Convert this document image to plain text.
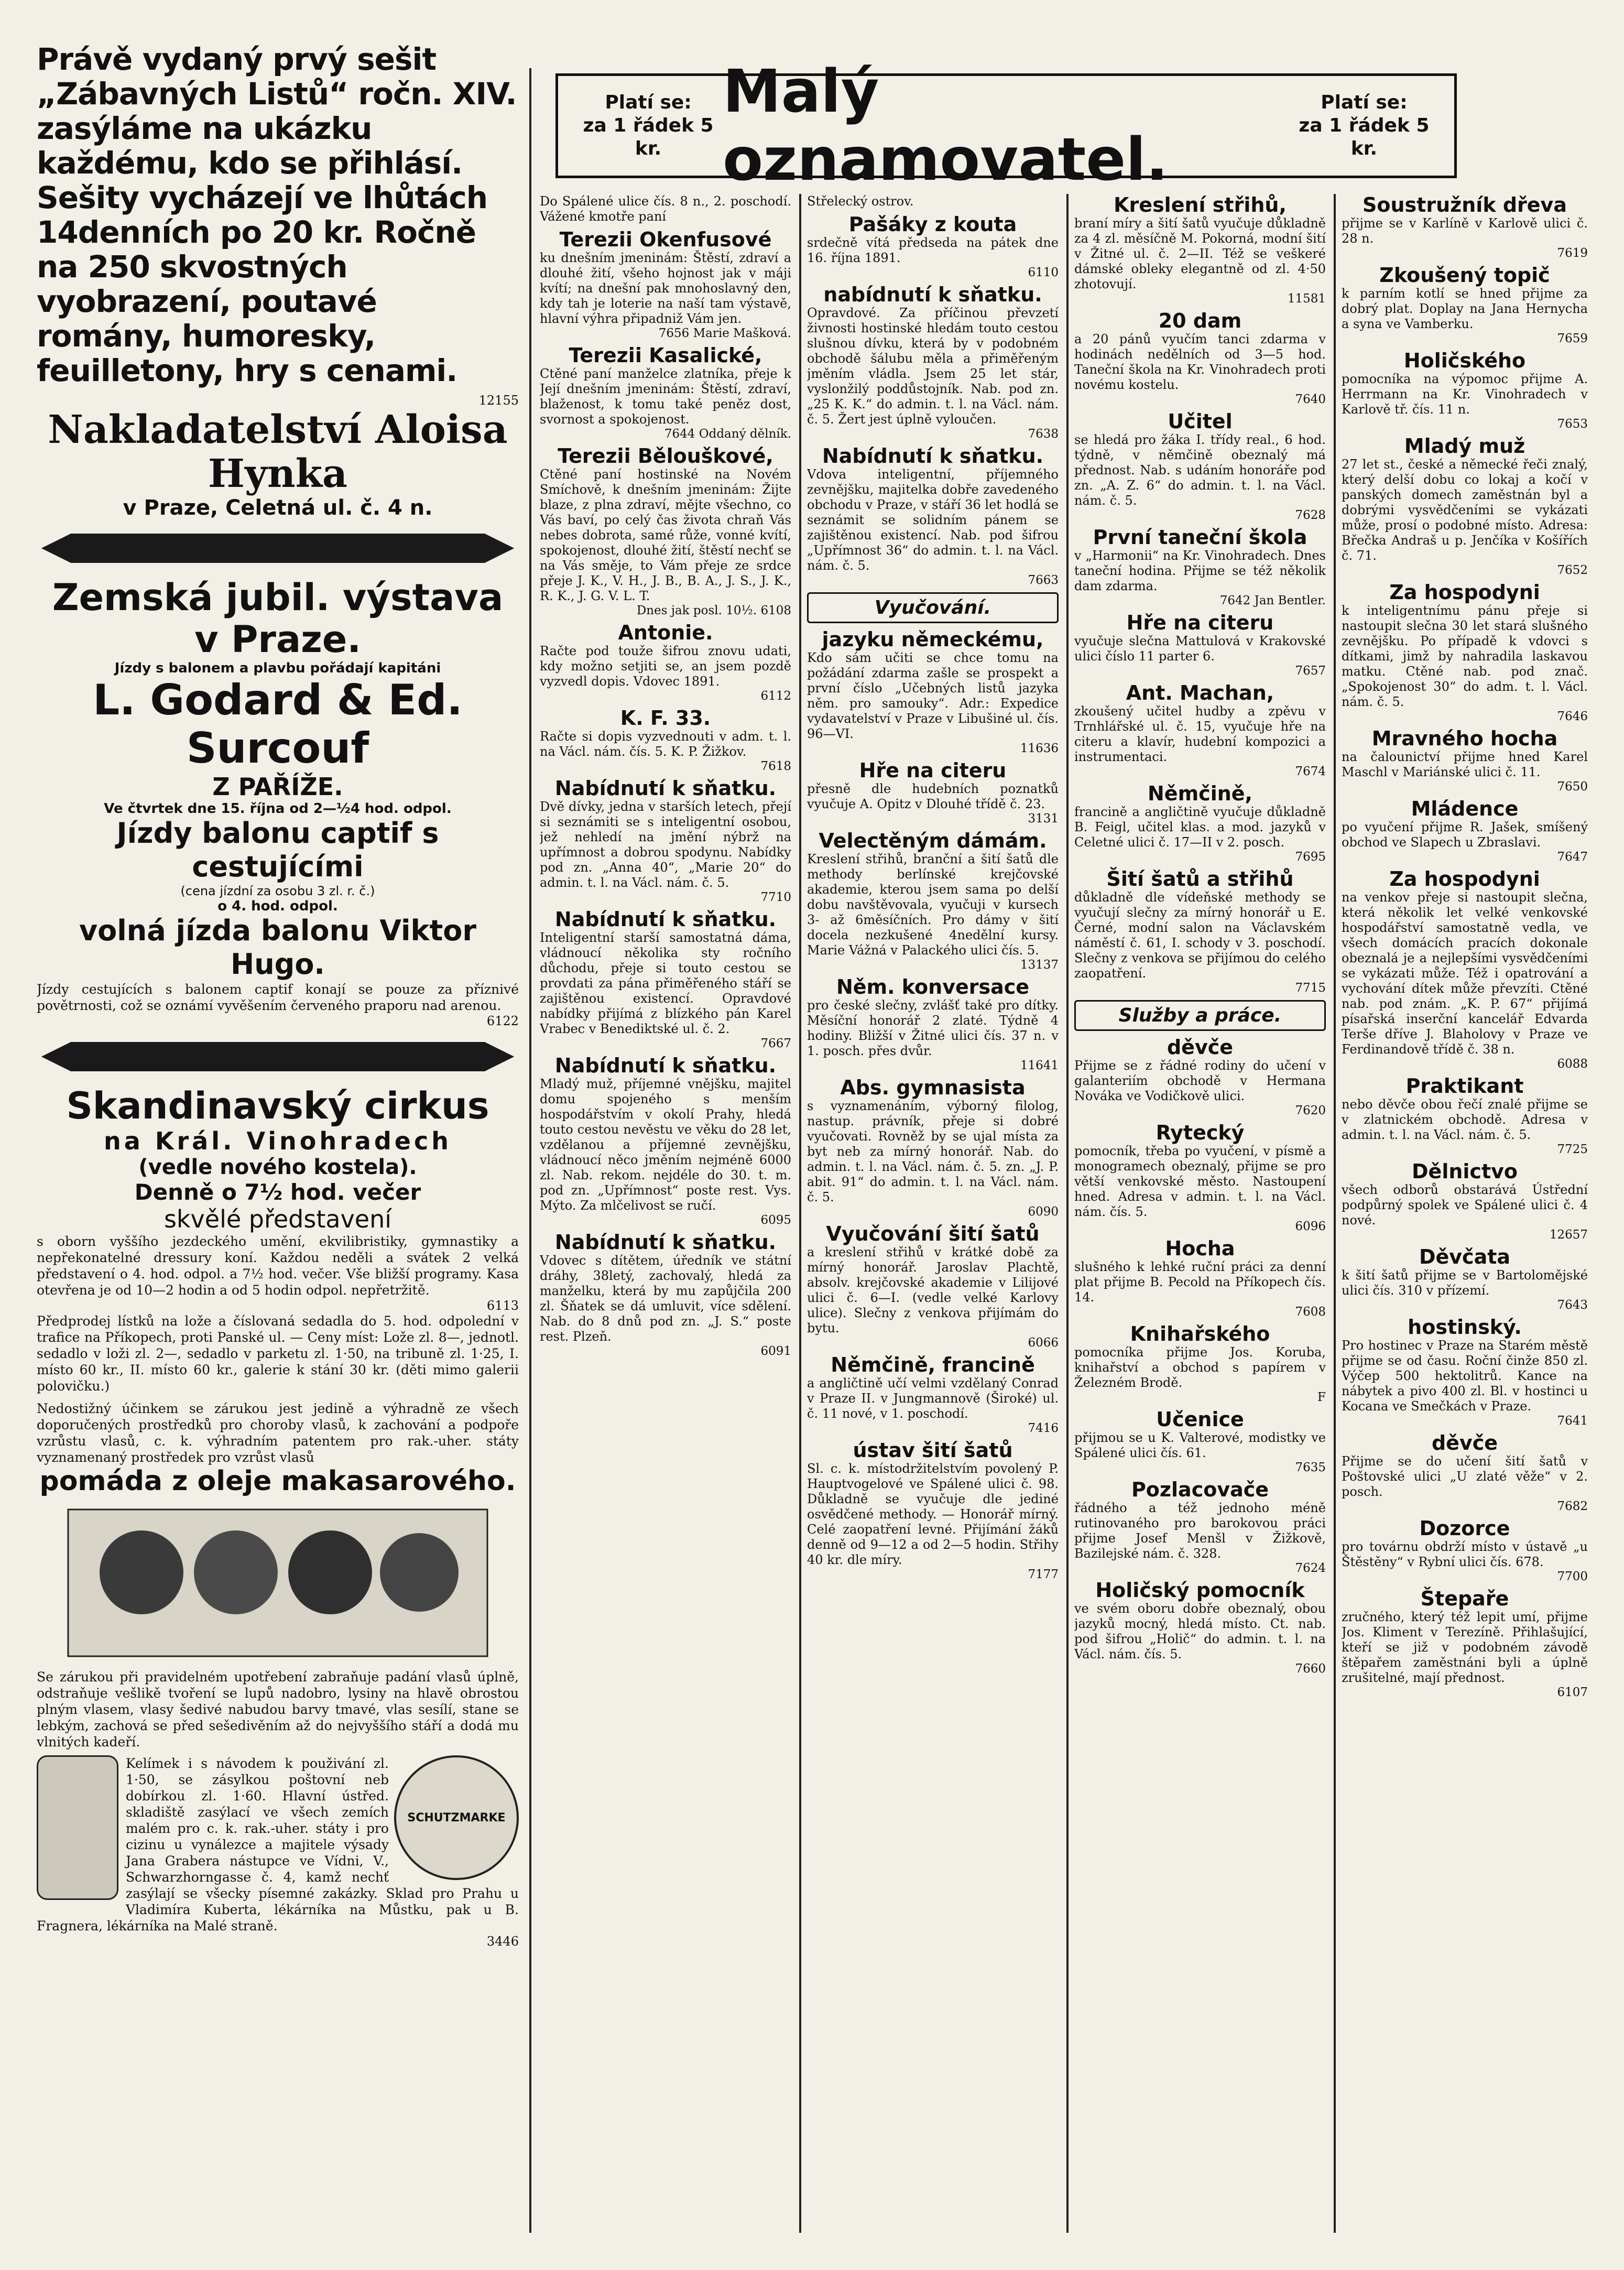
Právě vydaný prvý sešit „Zábavných Listů“ ročn. XIV. zasýláme na ukázku každému, kdo se přihlásí. Sešity vycházejí ve lhůtách 14denních po 20 kr. Ročně na 250 skvostných vyobrazení, poutavé romány, humoresky, feuilletony, hry s cenami.
12155
Nakladatelství Aloisa Hynka
v Praze, Celetná ul. č. 4 n.
Zemská jubil. výstava v Praze.
Jízdy s balonem a plavbu pořádají kapitáni
L. Godard & Ed. Surcouf
Z PAŘÍŽE.
Ve čtvrtek dne 15. října od 2—½4 hod. odpol.
Jízdy balonu captif s cestujícími
(cena jízdní za osobu 3 zl. r. č.)
o 4. hod. odpol.
volná jízda balonu Viktor Hugo.
Jízdy cestujících s balonem captif konají se pouze za příznivé povětrnosti, což se oznámí vyvěšením červeného praporu nad arenou.
6122
Skandinavský cirkus
na Král. Vinohradech
(vedle nového kostela).
Denně o 7½ hod. večer
skvělé představení
s oborn vyššího jezdeckého umění, ekvilibristiky, gymnastiky a nepřekonatelné dressury koní. Každou neděli a svátek 2 velká představení o 4. hod. odpol. a 7½ hod. večer. Vše bližší programy. Kasa otevřena je od 10—2 hodin a od 5 hodin odpol. nepřetržitě.
6113
Předprodej lístků na lože a číslovaná sedadla do 5. hod. odpolední v trafice na Příkopech, proti Panské ul. — Ceny míst: Lože zl. 8—, jednotl. sedadlo v loži zl. 2—, sedadlo v parketu zl. 1·50, na tribuně zl. 1·25, I. místo 60 kr., II. místo 60 kr., galerie k stání 30 kr. (děti mimo galerii polovičku.)
Nedostižný účinkem se zárukou jest jedině a výhradně ze všech doporučených prostředků pro choroby vlasů, k zachování a podpoře vzrůstu vlasů, c. k. výhradním patentem pro rak.-uher. státy vyznamenaný prostředek pro vzrůst vlasů
pomáda z oleje makasarového.
Se zárukou při pravidelném upotřebení zabraňuje padání vlasů úplně, odstraňuje vešlikě tvoření se lupů nadobro, lysiny na hlavě obrostou plným vlasem, vlasy šedivé nabudou barvy tmavé, vlas sesílí, stane se lebkým, zachová se před sešedivěním až do nejvyššího stáří a dodá mu vlnitých kadeří.
SCHUTZMARKE
Kelímek i s návodem k použivání zl. 1·50, se zásylkou poštovní neb dobírkou zl. 1·60. Hlavní ústřed. skladiště zasýlací ve všech zemích malém pro c. k. rak.-uher. státy i pro cizinu u vynálezce a majitele výsady Jana Grabera nástupce ve Vídni, V., Schwarzhorngasse č. 4, kamž nechť zasýlají se všecky písemné zakázky. Sklad pro Prahu u Vladimíra Kuberta, lékárníka na Můstku, pak u B. Fragnera, lékárníka na Malé straně.
3446
Platí se:
za 1 řádek 5 kr.
Malý oznamovatel.
Platí se:
za 1 řádek 5 kr.
Do Spálené ulice čís. 8 n., 2. poschodí. Vážené kmotře paní
Terezii Okenfusové
ku dnešním jmeninám: Štěstí, zdraví a dlouhé žití, všeho hojnost jak v máji kvítí; na dnešní pak mnohoslavný den, kdy tah je loterie na naší tam výstavě, hlavní výhra připadniž Vám jen.
7656 Marie Mašková.
Terezii Kasalické,
Ctěné paní manželce zlatníka, přeje k Její dnešním jmeninám: Štěstí, zdraví, blaženost, k tomu také peněz dost, svornost a spokojenost.
7644 Oddaný dělník.
Terezii Bělouškové,
Ctěné paní hostinské na Novém Smíchově, k dnešním jmeninám: Žijte blaze, z plna zdraví, mějte všechno, co Vás baví, po celý čas života chraň Vás nebes dobrota, samé růže, vonné kvítí, spokojenost, dlouhé žití, štěstí nechť se na Vás směje, to Vám přeje ze srdce přeje J. K., V. H., J. B., B. A., J. S., J. K., R. K., J. G. V. L. T.
Dnes jak posl. 10½. 6108
Antonie.
Račte pod touže šifrou znovu udati, kdy možno setjiti se, an jsem pozdě vyzvedl dopis. Vdovec 1891.
6112
K. F. 33.
Račte si dopis vyzvednouti v adm. t. l. na Václ. nám. čís. 5. K. P. Žižkov.
7618
Nabídnutí k sňatku.
Dvě dívky, jedna v starších letech, přejí si seznámiti se s inteligentní osobou, jež nehledí na jmění nýbrž na upřímnost a dobrou spodynu. Nabídky pod zn. „Anna 40“, „Marie 20“ do admin. t. l. na Václ. nám. č. 5.
7710
Nabídnutí k sňatku.
Inteligentní starší samostatná dáma, vládnoucí několika sty ročního důchodu, přeje si touto cestou se provdati za pána přiměřeného stáří se zajištěnou existencí. Opravdové nabídky přijímá z blízkého pán Karel Vrabec v Benediktské ul. č. 2.
7667
Nabídnutí k sňatku.
Mladý muž, příjemné vnějšku, majitel domu spojeného s menším hospodářstvím v okolí Prahy, hledá touto cestou nevěstu ve věku do 28 let, vzdělanou a příjemné zevnějšku, vládnoucí něco jměním nejméně 6000 zl. Nab. rekom. nejdéle do 30. t. m. pod zn. „Upřímnost“ poste rest. Vys. Mýto. Za mlčelivost se ručí.
6095
Nabídnutí k sňatku.
Vdovec s dítětem, úředník ve státní dráhy, 38letý, zachovalý, hledá za manželku, která by mu zapůjčila 200 zl. Šňatek se dá umluvit, více sdělení. Nab. do 8 dnů pod zn. „J. S.“ poste rest. Plzeň.
6091
Střelecký ostrov.
Pašáky z kouta
srdečně vítá předseda na pátek dne 16. října 1891.
6110
nabídnutí k sňatku.
Opravdové. Za příčinou převzetí živnosti hostinské hledám touto cestou slušnou dívku, která by v podobném obchodě šálubu měla a přiměřeným jměním vládla. Jsem 25 let stár, vyslonžilý poddůstojník. Nab. pod zn. „25 K. K.“ do admin. t. l. na Václ. nám. č. 5. Žert jest úplně vyloučen.
7638
Nabídnutí k sňatku.
Vdova inteligentní, příjemného zevnějšku, majitelka dobře zavedeného obchodu v Praze, v stáří 36 let hodlá se seznámit se solidním pánem se zajištěnou existencí. Nab. pod šifrou „Upřímnost 36“ do admin. t. l. na Václ. nám. č. 5.
7663
Vyučování.
jazyku německému,
Kdo sám učiti se chce tomu na požádání zdarma zašle se prospekt a první číslo „Učebných listů jazyka něm. pro samouky“. Adr.: Expedice vydavatelství v Praze v Libušiné ul. čís. 96—VI.
11636
Hře na citeru
přesně dle hudebních poznatků vyučuje A. Opitz v Dlouhé třídě č. 23.
3131
Velectěným dámám.
Kreslení střihů, branční a šití šatů dle methody berlínské krejčovské akademie, kterou jsem sama po delší dobu navštěvovala, vyučuji v kursech 3- až 6měsíčních. Pro dámy v šití docela nezkušené 4nedělní kursy. Marie Vážná v Palackého ulici čís. 5.
13137
Něm. konversace
pro české slečny, zvlášť také pro dítky. Měsíční honorář 2 zlaté. Týdně 4 hodiny. Bližší v Žitné ulici čís. 37 n. v 1. posch. přes dvůr.
11641
Abs. gymnasista
s vyznamenáním, výborný filolog, nastup. právník, přeje si dobré vyučovati. Rovněž by se ujal místa za byt neb za mírný honorář. Nab. do admin. t. l. na Václ. nám. č. 5. zn. „J. P. abit. 91“ do admin. t. l. na Václ. nám. č. 5.
6090
Vyučování šití šatů
a kreslení střihů v krátké době za mírný honorář. Jaroslav Plachtě, absolv. krejčovské akademie v Lilijové ulici č. 6—I. (vedle velké Karlovy ulice). Slečny z venkova přijímám do bytu.
6066
Němčině, francině
a angličtině učí velmi vzdělaný Conrad v Praze II. v Jungmannově (Široké) ul. č. 11 nové, v 1. poschodí.
7416
ústav šití šatů
Sl. c. k. místodržitelstvím povolený P. Hauptvogelové ve Spálené ulici č. 98. Důkladně se vyučuje dle jediné osvědčené methody. — Honorář mírný. Celé zaopatření levné. Přijímání žáků denně od 9—12 a od 2—5 hodin. Střihy 40 kr. dle míry.
7177
Kreslení střihů,
braní míry a šití šatů vyučuje důkladně za 4 zl. měsíčně M. Pokorná, modní šití v Žitné ul. č. 2—II. Též se veškeré dámské obleky elegantně od zl. 4·50 zhotovují.
11581
20 dam
a 20 pánů vyučím tanci zdarma v hodinách nedělních od 3—5 hod. Taneční škola na Kr. Vinohradech proti novému kostelu.
7640
Učitel
se hledá pro žáka I. třídy real., 6 hod. týdně, v němčině obeznalý má přednost. Nab. s udáním honoráře pod zn. „A. Z. 6“ do admin. t. l. na Václ. nám. č. 5.
7628
První taneční škola
v „Harmonii“ na Kr. Vinohradech. Dnes taneční hodina. Přijme se též několik dam zdarma.
7642 Jan Bentler.
Hře na citeru
vyučuje slečna Mattulová v Krakovské ulici číslo 11 parter 6.
7657
Ant. Machan,
zkoušený učitel hudby a zpěvu v Trnhlářské ul. č. 15, vyučuje hře na citeru a klavír, hudební kompozici a instrumentaci.
7674
Němčině,
francině a angličtině vyučuje důkladně B. Feigl, učitel klas. a mod. jazyků v Celetné ulici č. 17—II v 2. posch.
7695
Šití šatů a střihů
důkladně dle vídeňské methody se vyučují slečny za mírný honorář u E. Černé, modní salon na Václavském náměstí č. 61, I. schody v 3. poschodí. Slečny z venkova se přijímou do celého zaopatření.
7715
Služby a práce.
děvče
Přijme se z řádné rodiny do učení v galanteriím obchodě v Hermana Nováka ve Vodičkově ulici.
7620
Rytecký
pomocník, třeba po vyučení, v písmě a monogramech obeznalý, přijme se pro větší venkovské město. Nastoupení hned. Adresa v admin. t. l. na Václ. nám. čís. 5.
6096
Hocha
slušného k lehké ruční práci za denní plat přijme B. Pecold na Příkopech čís. 14.
7608
Knihařského
pomocníka přijme Jos. Koruba, knihařství a obchod s papírem v Železném Brodě.
F
Učenice
přijmou se u K. Valterové, modistky ve Spálené ulici čís. 61.
7635
Pozlacovače
řádného a též jednoho méně rutinovaného pro barokovou práci přijme Josef Menšl v Žižkově, Bazilejské nám. č. 328.
7624
Holičský pomocník
ve svém oboru dobře obeznalý, obou jazyků mocný, hledá místo. Ct. nab. pod šifrou „Holič“ do admin. t. l. na Václ. nám. čís. 5.
7660
Soustružník dřeva
přijme se v Karlíně v Karlově ulici č. 28 n.
7619
Zkoušený topič
k parním kotlí se hned přijme za dobrý plat. Doplay na Jana Hernycha a syna ve Vamberku.
7659
Holičského
pomocníka na výpomoc přijme A. Herrmann na Kr. Vinohradech v Karlově tř. čís. 11 n.
7653
Mladý muž
27 let st., české a německé řeči znalý, který delší dobu co lokaj a kočí v panských domech zaměstnán byl a dobrými vysvědčeními se vykázati může, prosí o podobné místo. Adresa: Břečka Andraš u p. Jenčíka v Košířích č. 71.
7652
Za hospodyni
k inteligentnímu pánu přeje si nastoupit slečna 30 let stará slušného zevnějšku. Po případě k vdovci s dítkami, jimž by nahradila laskavou matku. Ctěné nab. pod znač. „Spokojenost 30“ do adm. t. l. Václ. nám. č. 5.
7646
Mravného hocha
na čalounictví přijme hned Karel Maschl v Mariánské ulici č. 11.
7650
Mládence
po vyučení přijme R. Jašek, smíšený obchod ve Slapech u Zbraslavi.
7647
Za hospodyni
na venkov přeje si nastoupit slečna, která několik let velké venkovské hospodářství samostatně vedla, ve všech domácích pracích dokonale obeznalá je a nejlepšími vysvědčeními se vykázati může. Též i opatrování a vychování dítek může převzíti. Ctěné nab. pod znám. „K. P. 67“ přijímá písařská inserční kancelář Edvarda Terše dříve J. Blaholovy v Praze ve Ferdinandově třídě č. 38 n.
6088
Praktikant
nebo děvče obou řečí znalé přijme se v zlatnickém obchodě. Adresa v admin. t. l. na Václ. nám. č. 5.
7725
Dělnictvo
všech odborů obstarává Ústřední podpůrný spolek ve Spálené ulici č. 4 nové.
12657
Děvčata
k šití šatů přijme se v Bartolomějské ulici čís. 310 v přízemí.
7643
hostinský.
Pro hostinec v Praze na Starém městě přijme se od času. Roční činže 850 zl. Výčep 500 hektolitrů. Kance na nábytek a pivo 400 zl. Bl. v hostinci u Kocana ve Smečkách v Praze.
7641
děvče
Přijme se do učení šití šatů v Poštovské ulici „U zlaté věže“ v 2. posch.
7682
Dozorce
pro továrnu obdrží místo v ústavě „u Štěstěny“ v Rybní ulici čís. 678.
7700
Štepaře
zručného, který též lepit umí, přijme Jos. Kliment v Terezíně. Přihlašující, kteří se již v podobném závodě štěpařem zaměstnáni byli a úplně zrušitelné, mají přednost.
6107
